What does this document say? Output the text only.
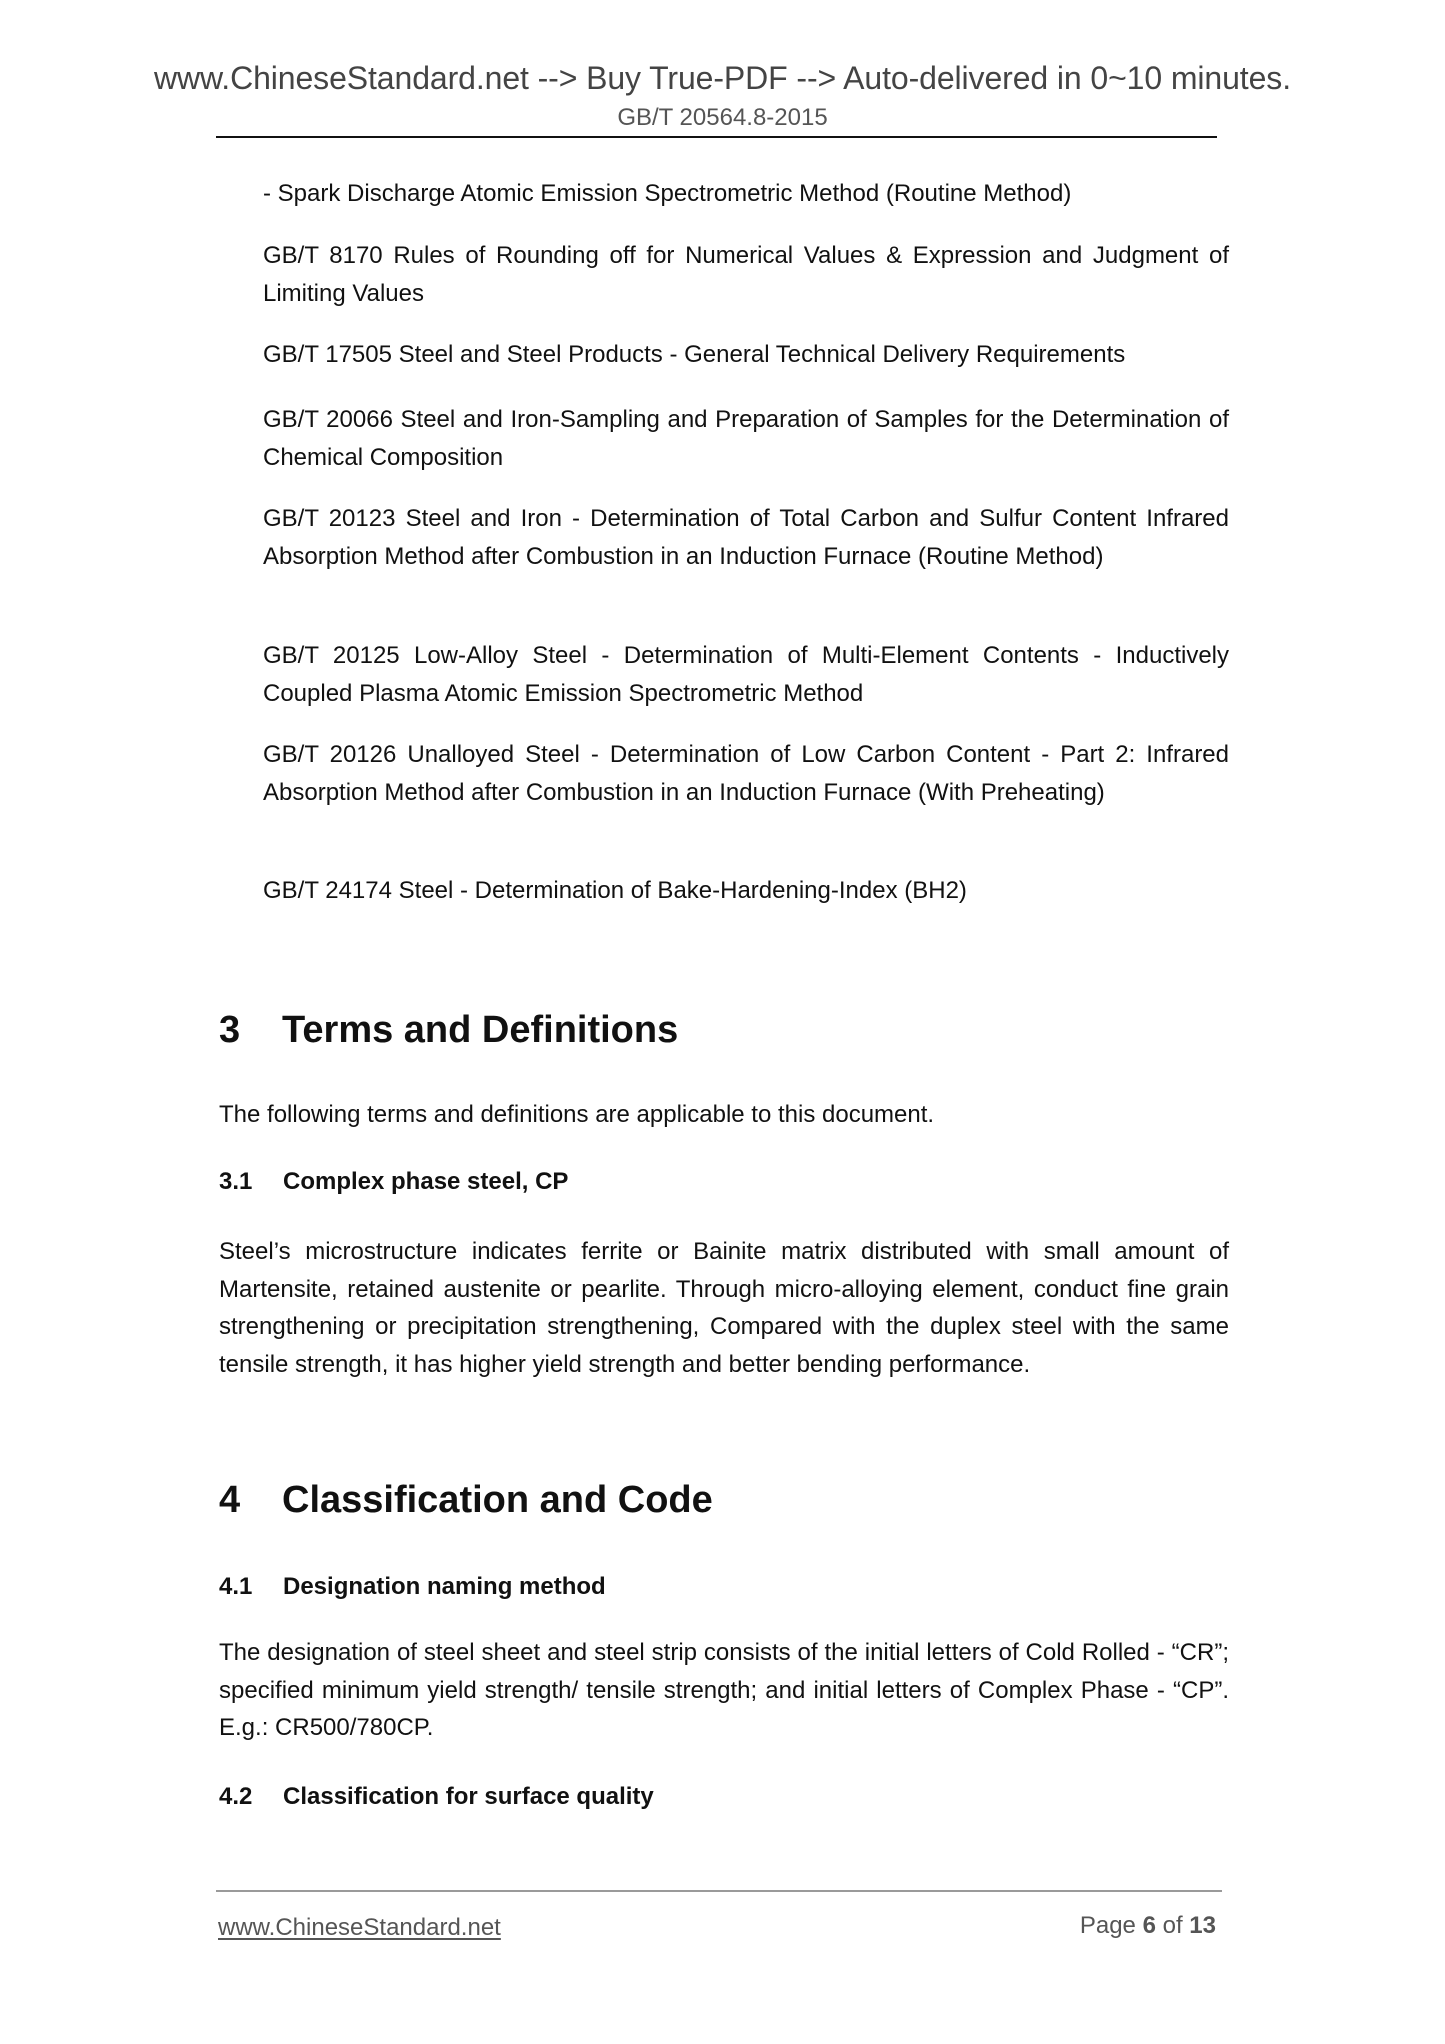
www.ChineseStandard.net --> Buy True-PDF --> Auto-delivered in 0~10 minutes.
GB/T 20564.8-2015
- Spark Discharge Atomic Emission Spectrometric Method (Routine Method)
GB/T 8170 Rules of Rounding off for Numerical Values & Expression and Judgment of Limiting Values
GB/T 17505 Steel and Steel Products - General Technical Delivery Requirements
GB/T 20066 Steel and Iron-Sampling and Preparation of Samples for the Determination of Chemical Composition
GB/T 20123 Steel and Iron - Determination of Total Carbon and Sulfur Content Infrared Absorption Method after Combustion in an Induction Furnace (Routine Method)
GB/T 20125 Low-Alloy Steel - Determination of Multi-Element Contents - Inductively Coupled Plasma Atomic Emission Spectrometric Method
GB/T 20126 Unalloyed Steel - Determination of Low Carbon Content - Part 2: Infrared Absorption Method after Combustion in an Induction Furnace (With Preheating)
GB/T 24174 Steel - Determination of Bake-Hardening-Index (BH2)
3 Terms and Definitions
The following terms and definitions are applicable to this document.
3.1 Complex phase steel, CP
Steel’s microstructure indicates ferrite or Bainite matrix distributed with small amount of Martensite, retained austenite or pearlite. Through micro-alloying element, conduct fine grain strengthening or precipitation strengthening, Compared with the duplex steel with the same tensile strength, it has higher yield strength and better bending performance.
4 Classification and Code
4.1 Designation naming method
The designation of steel sheet and steel strip consists of the initial letters of Cold Rolled - “CR”; specified minimum yield strength/ tensile strength; and initial letters of Complex Phase - “CP”. E.g.: CR500/780CP.
4.2 Classification for surface quality
www.ChineseStandard.net	Page 6 of 13
